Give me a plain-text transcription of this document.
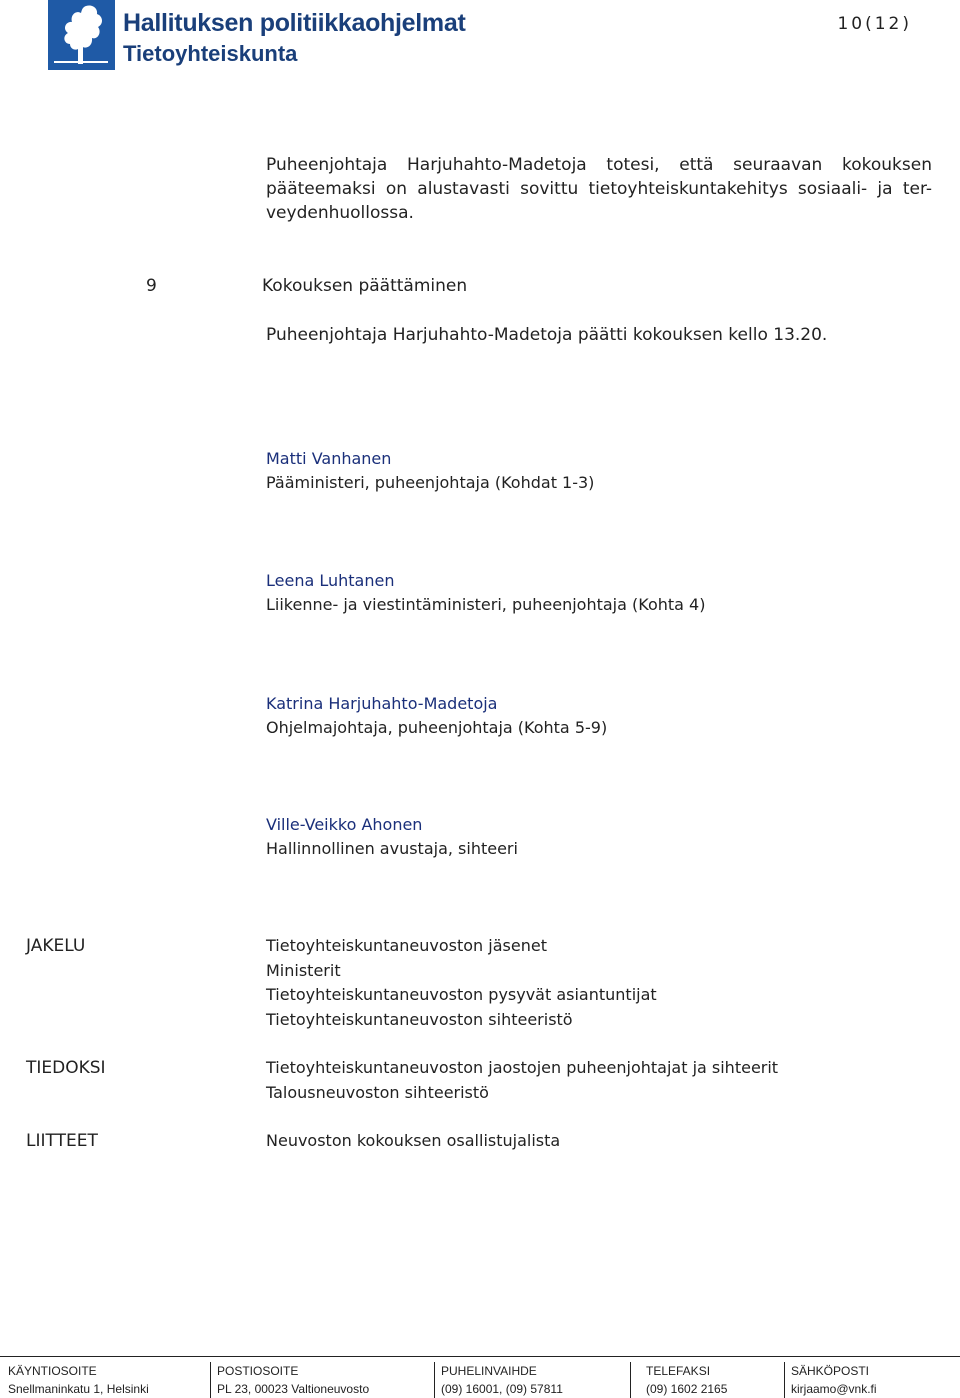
Hallituksen politiikkaohjelmat
Tietoyhteiskunta
10(12)
Puheenjohtaja Harjuhahto-Madetoja totesi, että seuraavan kokouksen
pääteemaksi on alustavasti sovittu tietoyhteiskuntakehitys sosiaali- ja ter-
veydenhuollossa.
9	Kokouksen päättäminen
Puheenjohtaja Harjuhahto-Madetoja päätti kokouksen kello 13.20.
Matti Vanhanen
Pääministeri, puheenjohtaja (Kohdat 1-3)
Leena Luhtanen
Liikenne- ja viestintäministeri, puheenjohtaja (Kohta 4)
Katrina Harjuhahto-Madetoja
Ohjelmajohtaja, puheenjohtaja (Kohta 5-9)
Ville-Veikko Ahonen
Hallinnollinen avustaja, sihteeri
JAKELU	Tietoyhteiskuntaneuvoston jäsenet
Ministerit
Tietoyhteiskuntaneuvoston pysyvät asiantuntijat
Tietoyhteiskuntaneuvoston sihteeristö
TIEDOKSI	Tietoyhteiskuntaneuvoston jaostojen puheenjohtajat ja sihteerit
Talousneuvoston sihteeristö
LIITTEET	Neuvoston kokouksen osallistujalista
KÄYNTIOSOITE
Snellmaninkatu 1, Helsinki
POSTIOSOITE
PL 23, 00023 Valtioneuvosto
PUHELINVAIHDE
(09) 16001, (09) 57811
TELEFAKSI
(09) 1602 2165
SÄHKÖPOSTI
kirjaamo@vnk.fi
